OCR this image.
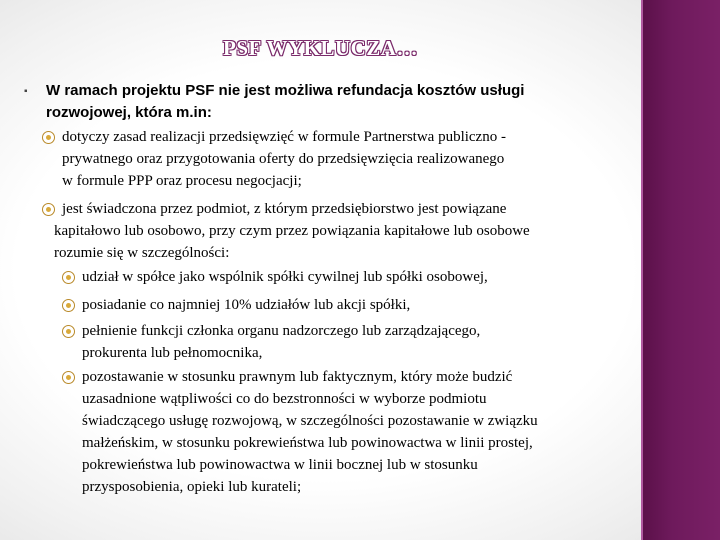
PSF WYKLUCZA…
▪ W ramach projektu PSF nie jest możliwa refundacja kosztów usługi
rozwojowej, która m.in:
dotyczy zasad realizacji przedsięwzięć w formule Partnerstwa publiczno -
prywatnego oraz przygotowania oferty do przedsięwzięcia realizowanego
w formule PPP oraz procesu negocjacji;
jest świadczona przez podmiot, z którym przedsiębiorstwo jest powiązane
kapitałowo lub osobowo, przy czym przez powiązania kapitałowe lub osobowe
rozumie się w szczególności:
udział w spółce jako wspólnik spółki cywilnej lub spółki osobowej,
posiadanie co najmniej 10% udziałów lub akcji spółki,
pełnienie funkcji członka organu nadzorczego lub zarządzającego,
prokurenta lub pełnomocnika,
pozostawanie w stosunku prawnym lub faktycznym, który może budzić
uzasadnione wątpliwości co do bezstronności w wyborze podmiotu
świadczącego usługę rozwojową, w szczególności pozostawanie w związku
małżeńskim, w stosunku pokrewieństwa lub powinowactwa w linii prostej,
pokrewieństwa lub powinowactwa w linii bocznej lub w stosunku
przysposobienia, opieki lub kurateli;
